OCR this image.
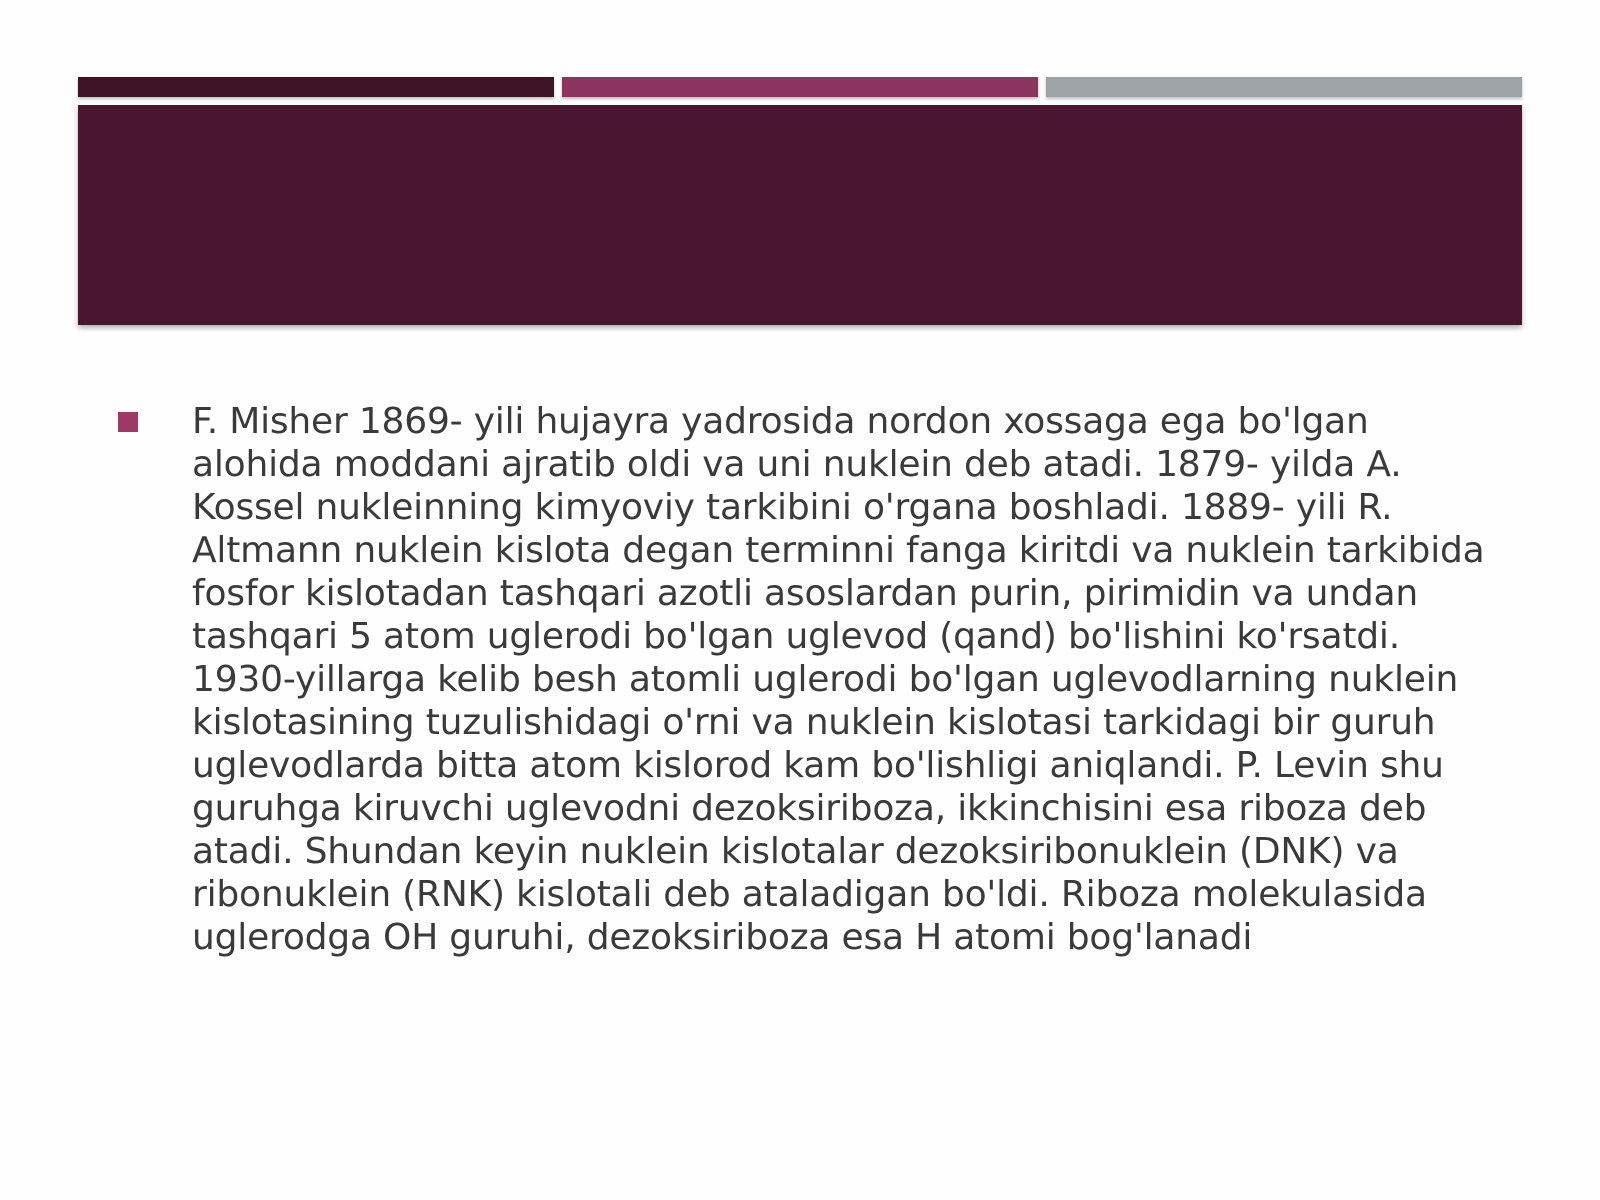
F. Misher 1869- yili hujayra yadrosida nordon xossaga ega bo'lgan alohida moddani ajratib oldi va uni nuklein deb atadi. 1879- yilda A. Kossel nukleinning kimyoviy tarkibini o'rgana boshladi. 1889- yili R. Altmann nuklein kislota degan terminni fanga kiritdi va nuklein tarkibida fosfor kislotadan tashqari azotli asoslardan purin, pirimidin va undan tashqari 5 atom uglerodi bo'lgan uglevod (qand) bo'lishini ko'rsatdi. 1930-yillarga kelib besh atomli uglerodi bo'lgan uglevodlarning nuklein kislotasining tuzulishidagi o'rni va nuklein kislotasi tarkidagi bir guruh uglevodlarda bitta atom kislorod kam bo'lishligi aniqlandi. P. Levin shu guruhga kiruvchi uglevodni dezoksiriboza, ikkinchisini esa riboza deb atadi. Shundan keyin nuklein kislotalar dezoksiribonuklein (DNK) va ribonuklein (RNK) kislotali deb ataladigan bo'ldi. Riboza molekulasida uglerodga OH guruhi, dezoksiriboza esa H atomi bog'lanadi
